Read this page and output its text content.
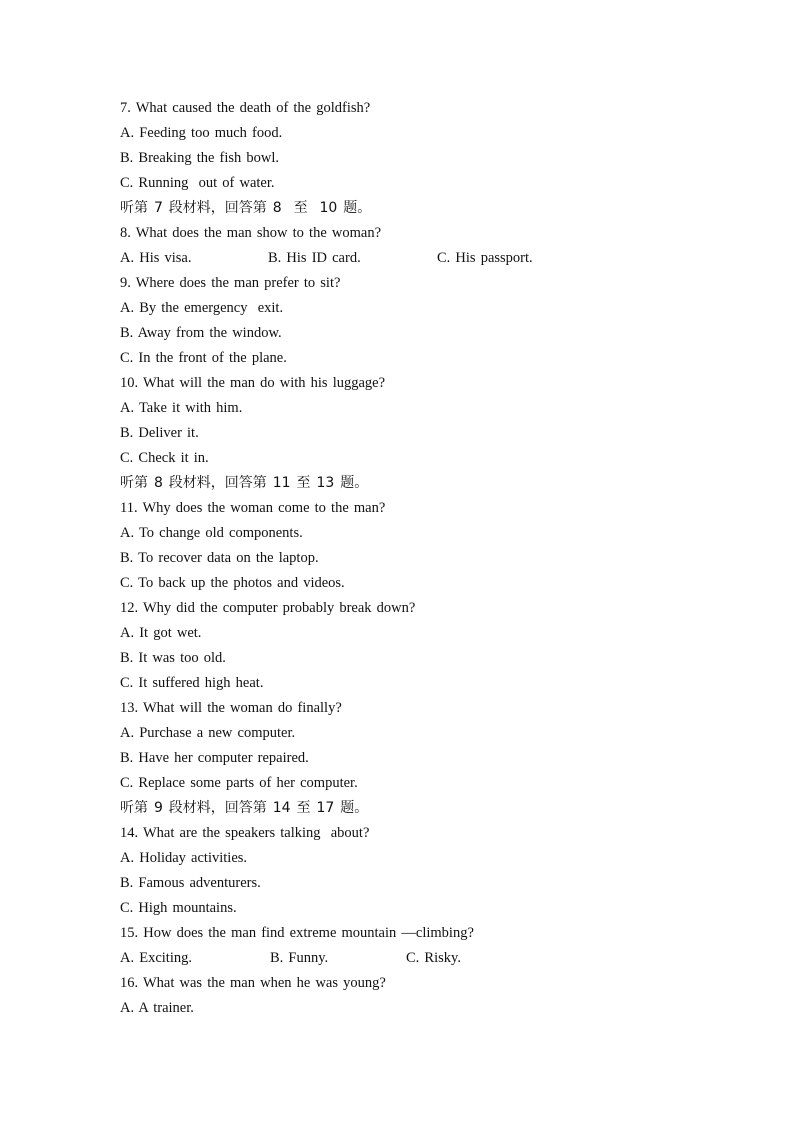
7. What caused the death of the goldfish?
A. Feeding too much food.
B. Breaking the fish bowl.
C. Running  out of water.
听第 7 段材料，回答第 8  至  10 题。
8. What does the man show to the woman?

A. His visa.

	B. His ID card.

	C. His passport.

9. Where does the man prefer to sit?
A. By the emergency  exit.
B. Away from the window.
C. In the front of the plane.
10. What will the man do with his luggage?
A. Take it with him.
B. Deliver it.
C. Check it in.
听第 8 段材料，回答第 11 至 13 题。
11. Why does the woman come to the man?
A. To change old components.
B. To recover data on the laptop.
C. To back up the photos and videos.
12. Why did the computer probably break down?
A. It got wet.
B. It was too old.
C. It suffered high heat.
13. What will the woman do finally?
A. Purchase a new computer.
B. Have her computer repaired.
C. Replace some parts of her computer.
听第 9 段材料，回答第 14 至 17 题。
14. What are the speakers talking  about?
A. Holiday activities.
B. Famous adventurers.
C. High mountains.
15. How does the man find extreme mountain —climbing?

A. Exciting.

	B. Funny.

	C. Risky.

16. What was the man when he was young?
A. A trainer.
